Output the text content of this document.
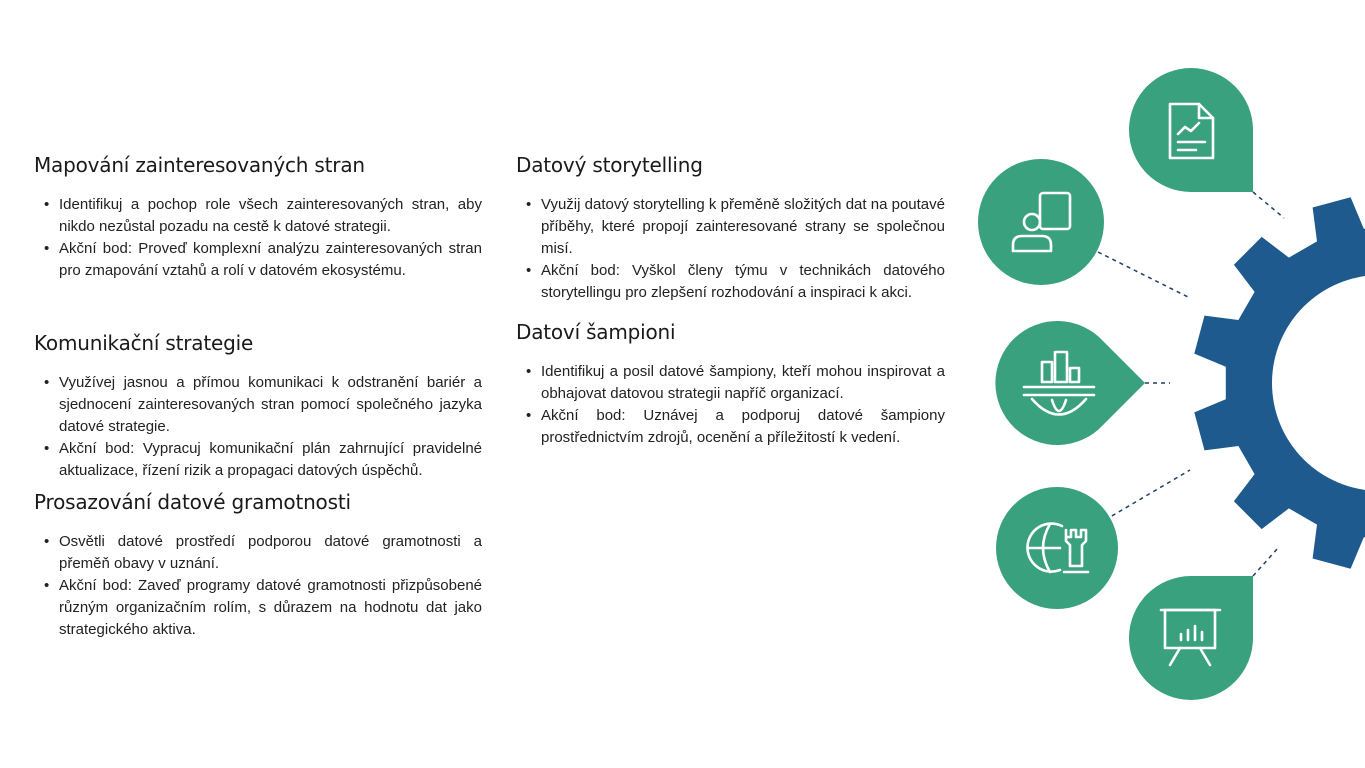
Mapování zainteresovaných stran
• Identifikuj a pochop role všech zainteresovaných stran, aby nikdo nezůstal pozadu na cestě k datové strategii.
• Akční bod: Proveď komplexní analýzu zainteresovaných stran pro zmapování vztahů a rolí v datovém ekosystému.
Komunikační strategie
• Využívej jasnou a přímou komunikaci k odstranění bariér a sjednocení zainteresovaných stran pomocí společného jazyka datové strategie.
• Akční bod: Vypracuj komunikační plán zahrnující pravidelné aktualizace, řízení rizik a propagaci datových úspěchů.
Prosazování datové gramotnosti
• Osvětli datové prostředí podporou datové gramotnosti a přeměň obavy v uznání.
• Akční bod: Zaveď programy datové gramotnosti přizpůsobené různým organizačním rolím, s důrazem na hodnotu dat jako strategického aktiva.
Datový storytelling
• Využij datový storytelling k přeměně složitých dat na poutavé příběhy, které propojí zainteresované strany se společnou misí.
• Akční bod: Vyškol členy týmu v technikách datového storytellingu pro zlepšení rozhodování a inspiraci k akci.
Datoví šampioni
• Identifikuj a posil datové šampiony, kteří mohou inspirovat a obhajovat datovou strategii napříč organizací.
• Akční bod: Uznávej a podporuj datové šampiony prostřednictvím zdrojů, ocenění a příležitostí k vedení.
